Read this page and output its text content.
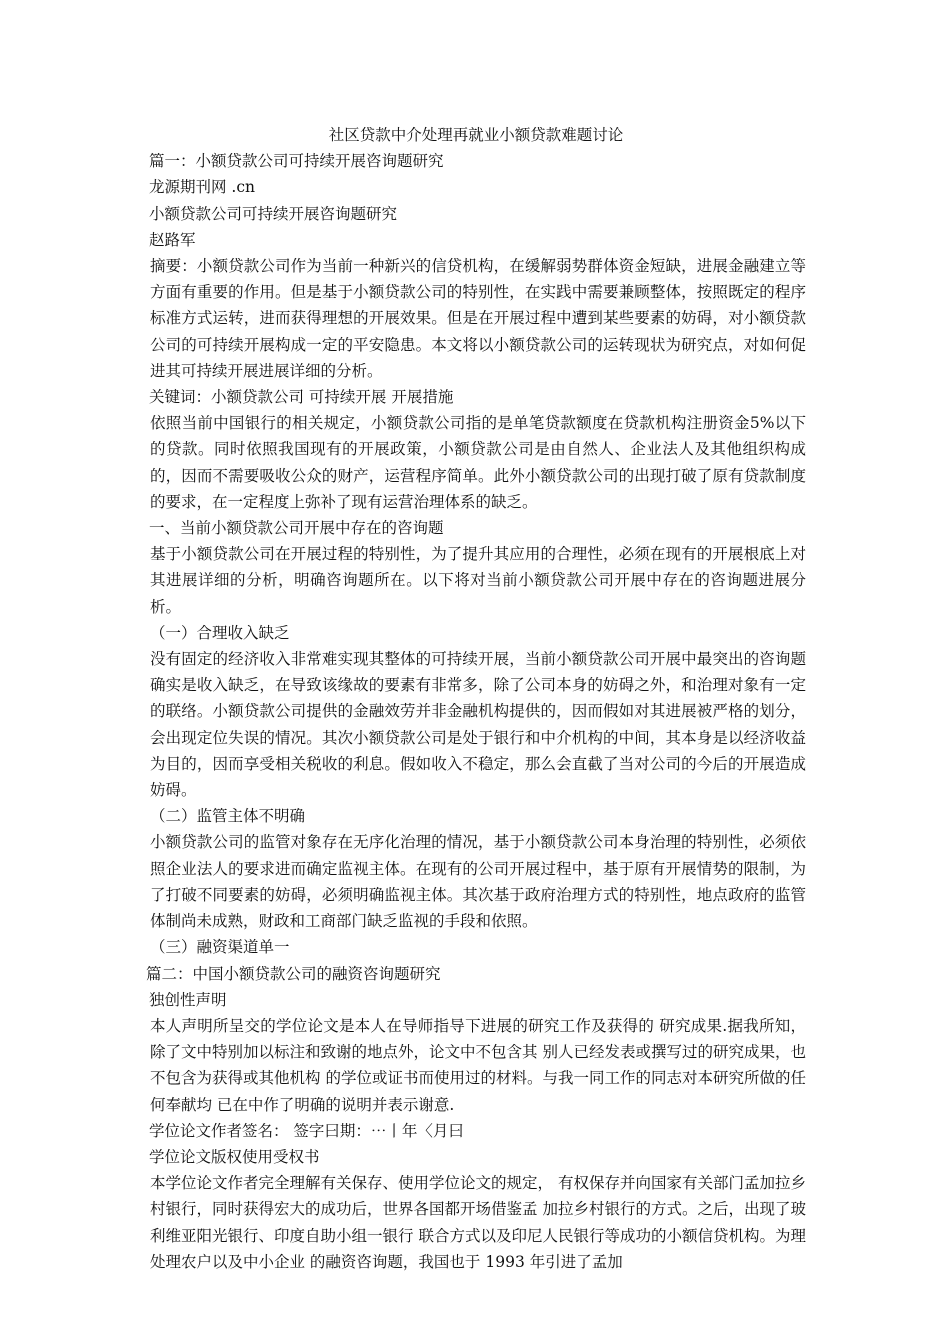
社区贷款中介处理再就业小额贷款难题讨论

篇一：小额贷款公司可持续开展咨询题研究

龙源期刊网 .cn

小额贷款公司可持续开展咨询题研究

赵路军

摘要：小额贷款公司作为当前一种新兴的信贷机构，在缓解弱势群体资金短缺，进展金融建立等方面有重要的作用。但是基于小额贷款公司的特别性，在实践中需要兼顾整体，按照既定的程序标准方式运转，进而获得理想的开展效果。但是在开展过程中遭到某些要素的妨碍，对小额贷款公司的可持续开展构成一定的平安隐患。本文将以小额贷款公司的运转现状为研究点，对如何促进其可持续开展进展详细的分析。

关键词：小额贷款公司 可持续开展 开展措施

依照当前中国银行的相关规定，小额贷款公司指的是单笔贷款额度在贷款机构注册资金5%以下的贷款。同时依照我国现有的开展政策，小额贷款公司是由自然人、企业法人及其他组织构成的，因而不需要吸收公众的财产，运营程序简单。此外小额贷款公司的出现打破了原有贷款制度的要求，在一定程度上弥补了现有运营治理体系的缺乏。

一、当前小额贷款公司开展中存在的咨询题

基于小额贷款公司在开展过程的特别性，为了提升其应用的合理性，必须在现有的开展根底上对其进展详细的分析，明确咨询题所在。以下将对当前小额贷款公司开展中存在的咨询题进展分析。

（一）合理收入缺乏

没有固定的经济收入非常难实现其整体的可持续开展，当前小额贷款公司开展中最突出的咨询题确实是收入缺乏，在导致该缘故的要素有非常多，除了公司本身的妨碍之外，和治理对象有一定的联络。小额贷款公司提供的金融效劳并非金融机构提供的，因而假如对其进展被严格的划分，会出现定位失误的情况。其次小额贷款公司是处于银行和中介机构的中间，其本身是以经济收益为目的，因而享受相关税收的利息。假如收入不稳定，那么会直截了当对公司的今后的开展造成妨碍。

（二）监管主体不明确

小额贷款公司的监管对象存在无序化治理的情况，基于小额贷款公司本身治理的特别性，必须依照企业法人的要求进而确定监视主体。在现有的公司开展过程中，基于原有开展情势的限制，为了打破不同要素的妨碍，必须明确监视主体。其次基于政府治理方式的特别性，地点政府的监管体制尚未成熟，财政和工商部门缺乏监视的手段和依照。

（三）融资渠道单一

篇二：中国小额贷款公司的融资咨询题研究

独创性声明

本人声明所呈交的学位论文是本人在导师指导下进展的研究工作及获得的 研究成果.据我所知，除了文中特别加以标注和致谢的地点外，论文中不包含其 别人已经发表或撰写过的研究成果，也不包含为获得或其他机构 的学位或证书而使用过的材料。与我一同工作的同志对本研究所做的任何奉献均 已在中作了明确的说明并表示谢意.

学位论文作者签名： 签字曰期：⋯丨年〈月曰

学位论文版权使用受权书

本学位论文作者完全理解有关保存、使用学位论文的规定， 有权保存并向国家有关部门孟加拉乡村银行，同时获得宏大的成功后，世界各国都开场借鉴孟 加拉乡村银行的方式。之后，出现了玻利维亚阳光银行、印度自助小组一银行 联合方式以及印尼人民银行等成功的小额信贷机构。为理处理农户以及中小企业 的融资咨询题，我国也于 1993 年引进了孟加
